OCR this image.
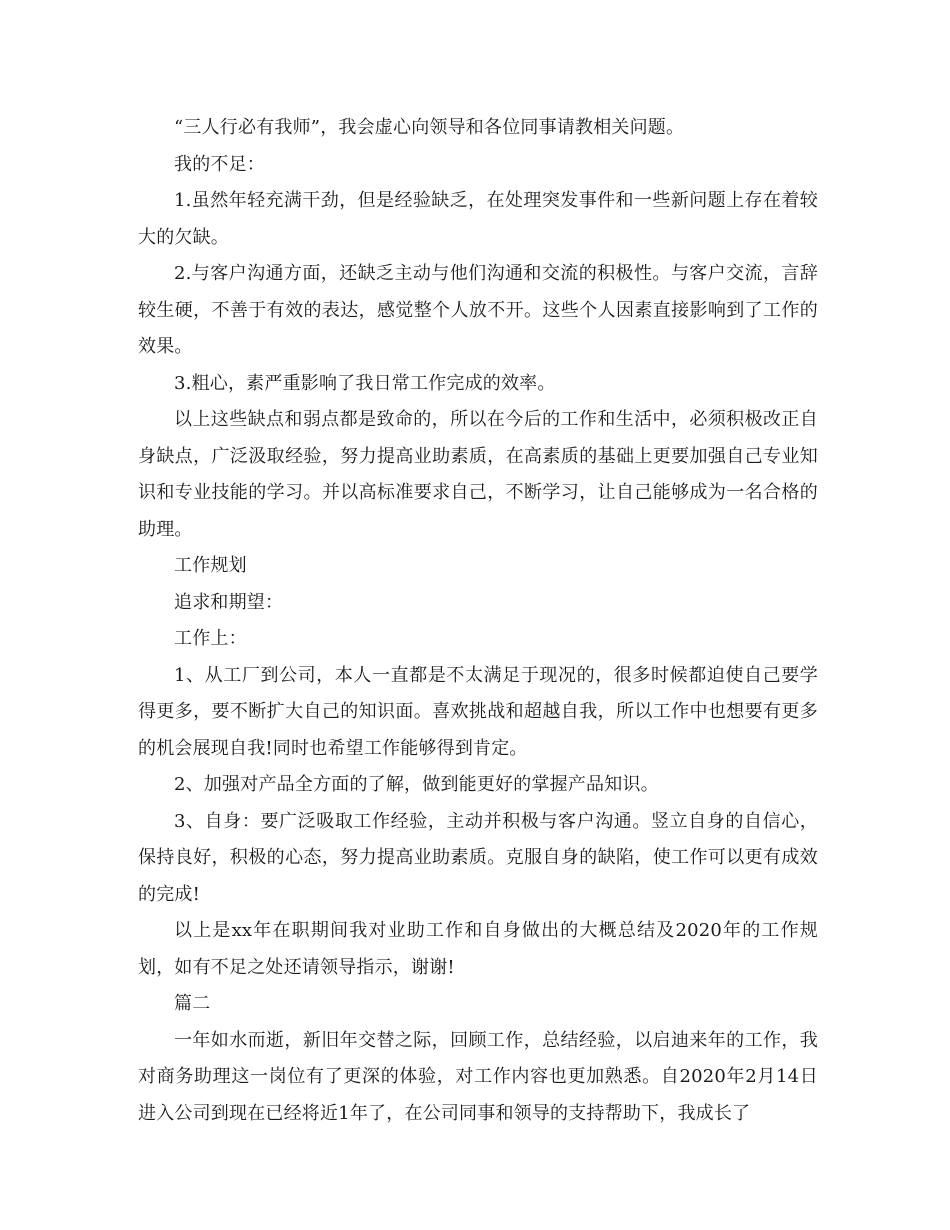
“三人行必有我师”，我会虚心向领导和各位同事请教相关问题。

我的不足：

1.虽然年轻充满干劲，但是经验缺乏，在处理突发事件和一些新问题上存在着较大的欠缺。

2.与客户沟通方面，还缺乏主动与他们沟通和交流的积极性。与客户交流，言辞较生硬，不善于有效的表达，感觉整个人放不开。这些个人因素直接影响到了工作的效果。

3.粗心，素严重影响了我日常工作完成的效率。

以上这些缺点和弱点都是致命的，所以在今后的工作和生活中，必须积极改正自身缺点，广泛汲取经验，努力提高业助素质，在高素质的基础上更要加强自己专业知识和专业技能的学习。并以高标准要求自己，不断学习，让自己能够成为一名合格的助理。

工作规划

追求和期望：

工作上：

1、从工厂到公司，本人一直都是不太满足于现况的，很多时候都迫使自己要学得更多，要不断扩大自己的知识面。喜欢挑战和超越自我，所以工作中也想要有更多的机会展现自我!同时也希望工作能够得到肯定。

2、加强对产品全方面的了解，做到能更好的掌握产品知识。

3、自身：要广泛吸取工作经验，主动并积极与客户沟通。竖立自身的自信心，保持良好，积极的心态，努力提高业助素质。克服自身的缺陷，使工作可以更有成效的完成!

以上是xx年在职期间我对业助工作和自身做出的大概总结及2020年的工作规划，如有不足之处还请领导指示，谢谢!

篇二

一年如水而逝，新旧年交替之际，回顾工作，总结经验，以启迪来年的工作，我对商务助理这一岗位有了更深的体验，对工作内容也更加熟悉。自2020年2月14日进入公司到现在已经将近1年了，在公司同事和领导的支持帮助下，我成长了
